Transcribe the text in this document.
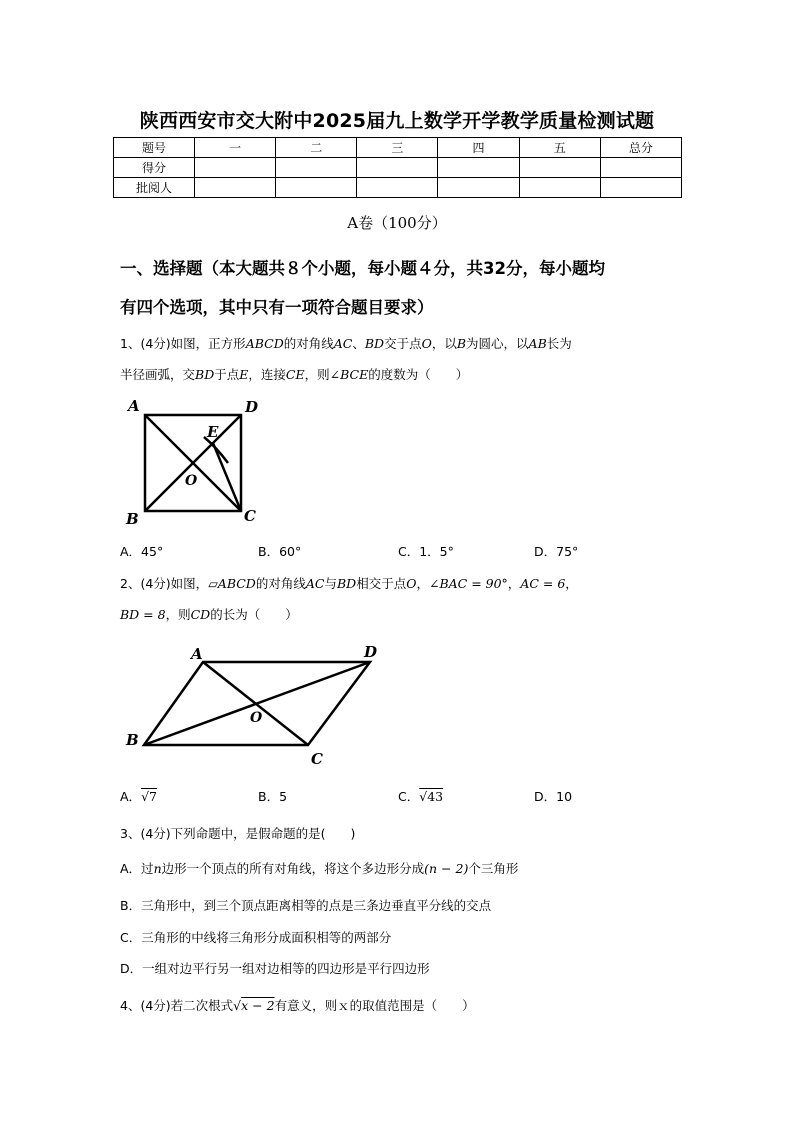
陕西西安市交大附中2025届九上数学开学教学质量检测试题
题号	一	二	三	四	五	总分
得分						
批阅人						
A卷（100分）
一、选择题（本大题共８个小题，每小题４分，共32分，每小题均
有四个选项，其中只有一项符合题目要求）
1、(4分)如图，正方形ABCD的对角线AC、BD交于点O，以B为圆心，以AB长为
半径画弧，交BD于点E，连接CE，则∠BCE的度数为（　　）
A	D
B	C
E
O
A．45°	B．60°	C．1．5°	D．75°
2、(4分)如图，▱ABCD的对角线AC与BD相交于点O，∠BAC = 90°，AC = 6，
BD = 8，则CD的长为（　　）
A	D
B
C
O
A．√7	B．5	C．√43	D．10
3、(4分)下列命题中，是假命题的是(　　)
A．过n边形一个顶点的所有对角线，将这个多边形分成(n − 2)个三角形
B．三角形中，到三个顶点距离相等的点是三条边垂直平分线的交点
C．三角形的中线将三角形分成面积相等的两部分
D．一组对边平行另一组对边相等的四边形是平行四边形
4、(4分)若二次根式√x − 2有意义，则ｘ的取值范围是（　　）
